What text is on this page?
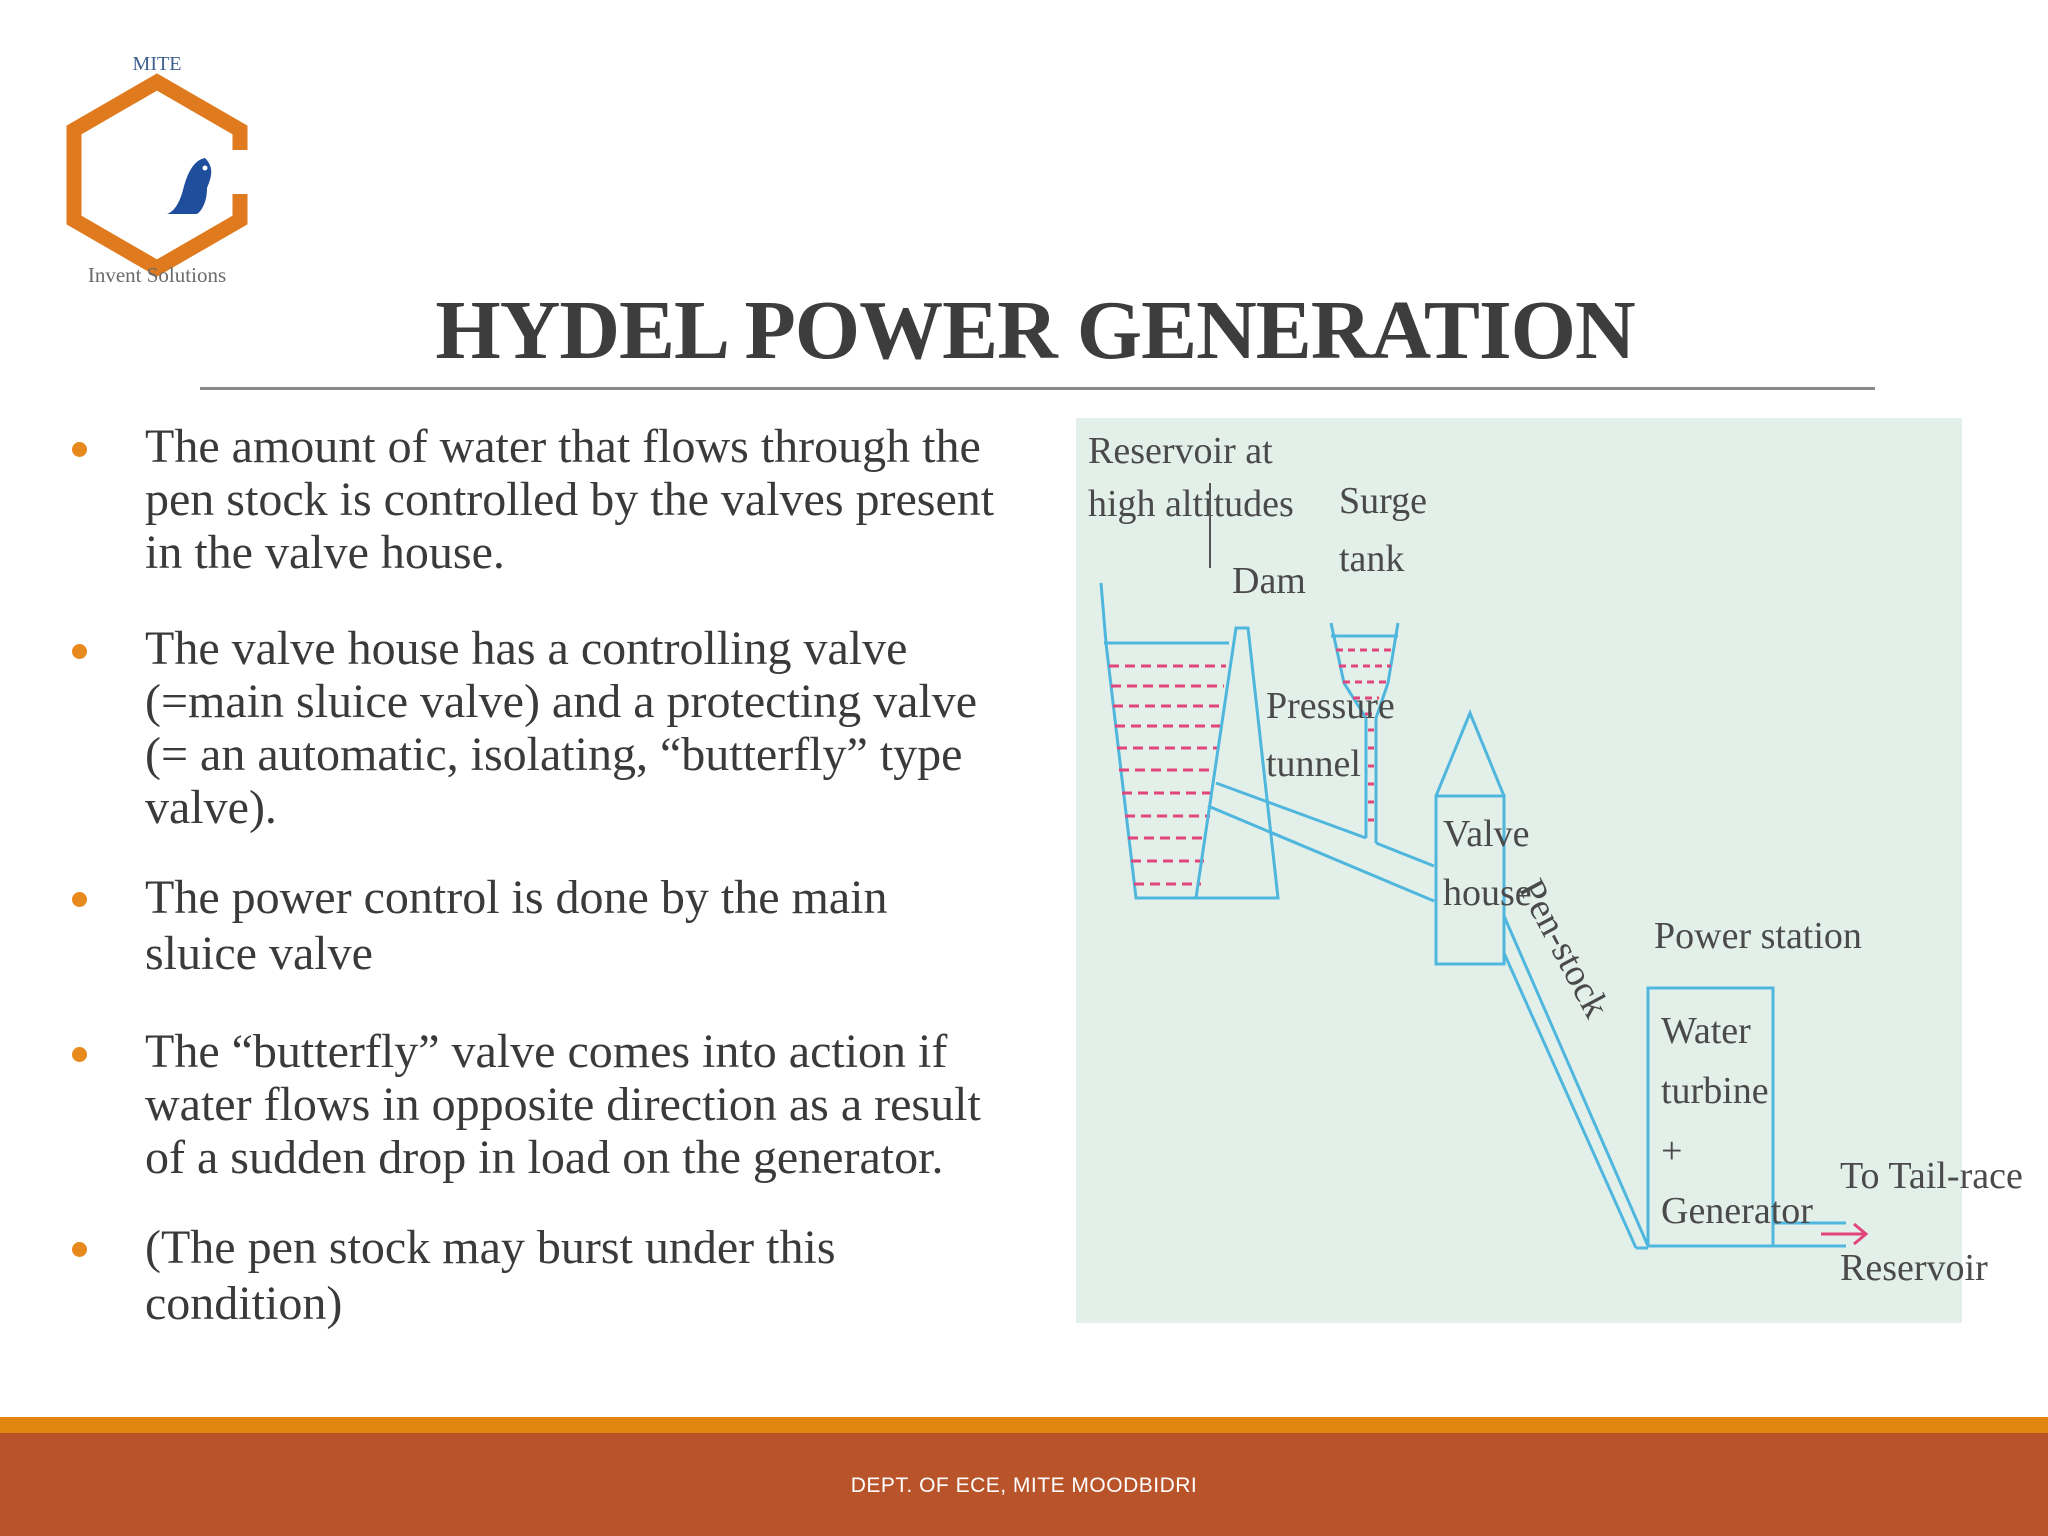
MITE
Invent Solutions
HYDEL POWER GENERATION
The amount of water that flows through the
pen stock is controlled by the valves present
in the valve house.
The valve house has a controlling valve
(=main sluice valve) and a protecting valve
(= an automatic, isolating, “butterfly” type
valve).
The power control is done by the main
sluice valve
The “butterfly” valve comes into action if
water flows in opposite direction as a result
of a sudden drop in load on the generator.
(The pen stock may burst under this
condition)
Reservoir at
high altitudes
Dam
Surge
tank
Pressure
tunnel
Valve
house
Pen-stock Power station
Water
turbine
+
Generator
To Tail-race
Reservoir
DEPT. OF ECE, MITE MOODBIDRI
